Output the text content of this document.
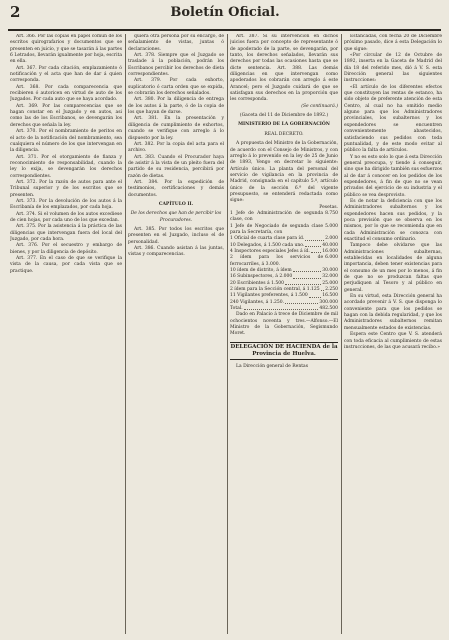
2	Boletín Oficial.

Art. 366. Por las copias en papel común de los escritos quirografarios y documentos que se presenten en juicio, y que se tasarán á las partes 6 Letrados, llevarán igualmente por hoja, escrita en ella.

Art. 367. Por cada citación, emplazamiento ó notificación y el acta que han de dar á quien corresponda.

Art. 368. Por cada comparecencia que recibieren ó autoricen en virtud de auto de los Juzgados. Por cada auto que se haya acordado.

Art. 369. Por las comparecencias que se hagan constar en el Juzgado y en autos, asi como las de los Escribanos, se devengarán los derechos que señala la ley.

Art. 370. Por el nombramiento de peritos en el acto de la notificación del nombramiento, sea cualquiera el número de los que intervengan en la diligencia.

Art. 371. Por el otorgamiento de fianza y reconocimiento de responsabilidad, cuando la ley lo exija, se devengarán los derechos correspondientes.

Art. 372. Por la razón de autos para ante el Tribunal superior y de los escritos que se presenten.

Art. 373. Por la devolución de los autos á la Escribanía de los emplazados, por cada hoja.

Art. 374. Si el volumen de los autos excediese de cien hojas, por cada uno de los que excedan.

Art. 375. Por la asistencia á la práctica de las diligencias que intervengan fuera del local del Juzgado, por cada hora.

Art. 376. Por el secuestro y embargo de bienes, y por la diligencia de depósito.

Art. 377. En el caso de que se verifique la vista de la causa, por cada vista que se practique.

quiera otra persona por su encargo, de señalamiento de vistas, juntas ó declaraciones.

Art. 378. Siempre que el Juzgado se traslade á la población, podrán los Escribanos percibir los derechos de dieta correspondientes.

Art. 379. Por cada exhorto, suplicatorio ó carta orden que se expida, se cobrarán los derechos señalados.

Art. 380. Por la diligencia de entrega de los autos á la parte, ó de la copia de los que hayan de darse.

Art. 381. En la presentación y diligencia de cumplimiento de exhortos, cuando se verifique con arreglo á lo dispuesto por la ley.

Art. 382. Por la copia del acta para el archivo.

Art. 383. Cuando el Procurador haya de asistir á la vista de un pleito fuera del partido de su residencia, percibirá por razón de dietas.

Art. 384. Por la expedición de testimonios, certificaciones y demás documentos.

CAPÍTULO II.

De los derechos que han de percibir los Procuradores.

Art. 385. Por todos los escritos que presenten en el Juzgado, incluso el de personalidad.

Art. 386. Cuando asistan á las juntas, vistas y comparecencias.

Art. 387. Si su intervención en dichos juicios fuera por concepto de representante ó de apoderado de la parte, se devengarán, por tanto, los derechos señalados, llevarán sus derechos por todas las ocasiones hasta que se dicte sentencia. Art. 388. Las demás diligencias en que intervengan como apoderados los cobrarán con arreglo á este Arancel; pero el Juzgado cuidará de que se satisfagan sus derechos en la proporción que les corresponda.

(Se continuará.)

(Gaceta del 11 de Diciembre de 1892.)

MINISTERIO DE LA GOBERNACIÓN

REAL DECRETO.

A propuesta del Ministro de la Gobernación, de acuerdo con el Consejo de Ministros, y con arreglo á lo prevenido en la ley de 25 de Junio de 1893, Vengo en decretar lo siguiente: Artículo único. La planta del personal del servicio de vigilancia en la provincia de Madrid, consignada en el capítulo 5.º, artículo único de la sección 6.ª del vigente presupuesto, se entenderá redactada como sigue:

Pesetas.

1 Jefe de Administración de segunda clase, con
8.750

1 Jefe de Negociado de segunda clase para la Secretaría, con
5.000

1 Oficial de cuarta clase para íd.	2.000

10 Delegados, á 1.500 cada uno.	40.000

4 Inspectores especiales Jefes á íd.	16.000

2 ídem para los servicios de ferrocarriles, á 3.000.
6.000

10 ídem de distrito, á ídem	30.000

16 Subinspectores, á 2.000	32.000

20 Escribientes á 1.500	25.000

2 ídem para la Sección central, á 1.125 2.250

11 Vigilantes preferentes, á 1.500	16.500

240 Vigilantes, á 1.250.	300.000

Total.	482.500

Dado en Palacio á trece de Diciembre de mil ochocientos noventa y tres.—Alfonso.—El Ministro de la Gobernación, Segismundo Moret.

DELEGACIÓN DE HACIENDA de la Provincia de Huelva.

La Dirección general de Rentas

Estancadas, con fecha 20 de Diciembre próximo pasado, dice á esta Delegación lo que sigue:

«Por circular de 12 de Octubre de 1892, inserta en la Gaceta de Madrid del día 18 del referido mes, dió á V. S. esta Dirección general las siguientes instrucciones:

«El artículo de los diferentes efectos que constituyen las rentas de estanco, ha sido objeto de preferente atención de esta Centro, al cual no ha omitido medio alguno para que los Administradores provinciales, los subalternos y los expendedores se encuentren convenientemente abastecidos, satisfaciendo sus pedidos con toda puntualidad, y de este modo evitar al público la falta de artículos.

Y no es esto solo lo que á esta Dirección general preocupa, y tiende á conseguir, sino que ha dirigido también sus esfuerzos al de dar á conocer en los pedidos de los expendedores, á fin de que no se vean privados del ejercicio de su industria y el público se vea desprovisto.

Es de notar la deficiencia con que los Administradores subalternos y los expendedores hacen sus pedidos, y la poca previsión que se observa en los mismos, por lo que se recomienda que en cada Administración se conozca con exactitud el consumo ordinario.

Tampoco debe olvidarse que las Administraciones subalternas, establecidas en localidades de alguna importancia, deben tener existencias para el consumo de un mes por lo menos, á fin de que no se produzcan faltas que perjudiquen al Tesoro y al público en general.

En su virtud, esta Dirección general ha acordado prevenir á V. S. que disponga lo conveniente para que los pedidos se hagan con la debida regularidad, y que los Administradores subalternos remitan mensualmente estados de existencias.

Espera este Centro que V. S. atenderá con toda eficacia al cumplimiento de estas instrucciones, de las que acusará recibo.»
